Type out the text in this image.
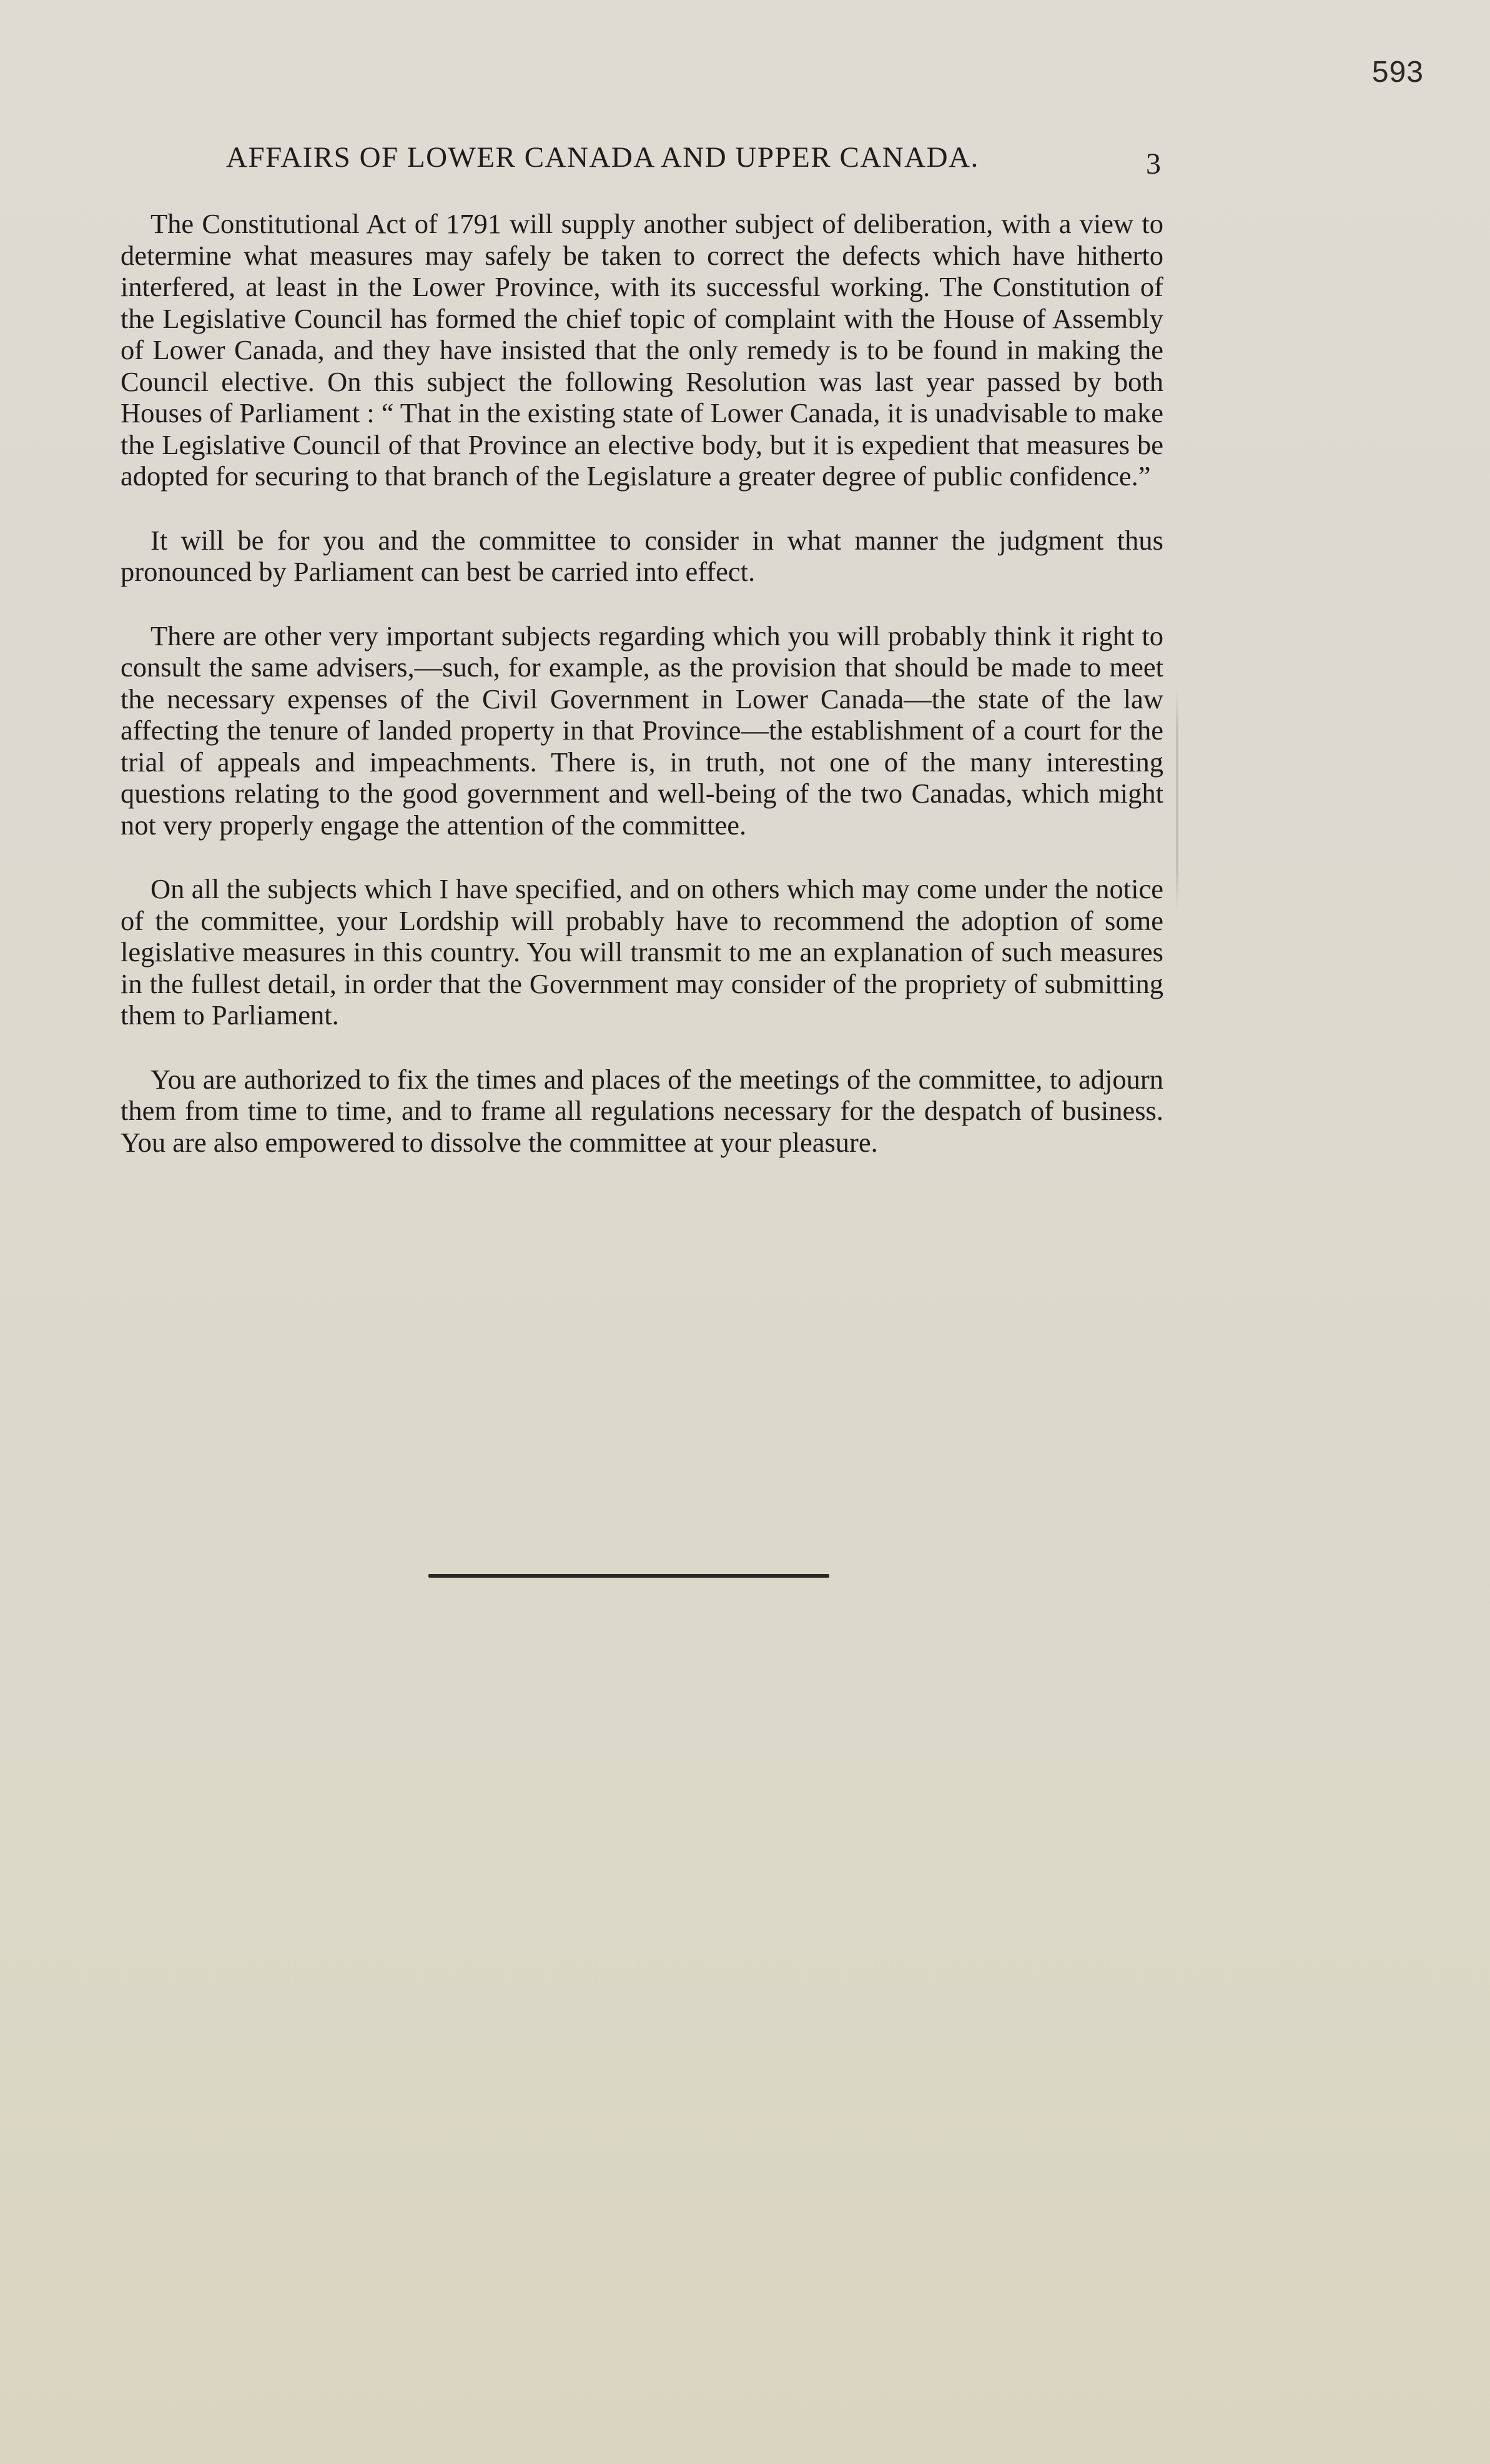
593
AFFAIRS OF LOWER CANADA AND UPPER CANADA.	3

The Constitutional Act of 1791 will supply another subject of deliberation, with a view to determine what measures may safely be taken to correct the defects which have hitherto interfered, at least in the Lower Province, with its successful working. The Constitution of the Legislative Council has formed the chief topic of complaint with the House of Assembly of Lower Canada, and they have insisted that the only remedy is to be found in making the Council elective. On this subject the following Resolution was last year passed by both Houses of Parliament : “ That in the existing state of Lower Canada, it is unadvisable to make the Legislative Council of that Province an elective body, but it is expedient that measures be adopted for securing to that branch of the Legislature a greater degree of public confidence.”

It will be for you and the committee to consider in what manner the judgment thus pronounced by Parliament can best be carried into effect.

There are other very important subjects regarding which you will probably think it right to consult the same advisers,—such, for example, as the provision that should be made to meet the necessary expenses of the Civil Government in Lower Canada—the state of the law affecting the tenure of landed property in that Province—the establishment of a court for the trial of appeals and impeachments. There is, in truth, not one of the many interesting questions relating to the good government and well-being of the two Canadas, which might not very properly engage the attention of the committee.

On all the subjects which I have specified, and on others which may come under the notice of the committee, your Lordship will probably have to recommend the adoption of some legislative measures in this country. You will transmit to me an explanation of such measures in the fullest detail, in order that the Government may consider of the propriety of submitting them to Parliament.

You are authorized to fix the times and places of the meetings of the committee, to adjourn them from time to time, and to frame all regulations necessary for the despatch of business. You are also empowered to dissolve the committee at your pleasure.
